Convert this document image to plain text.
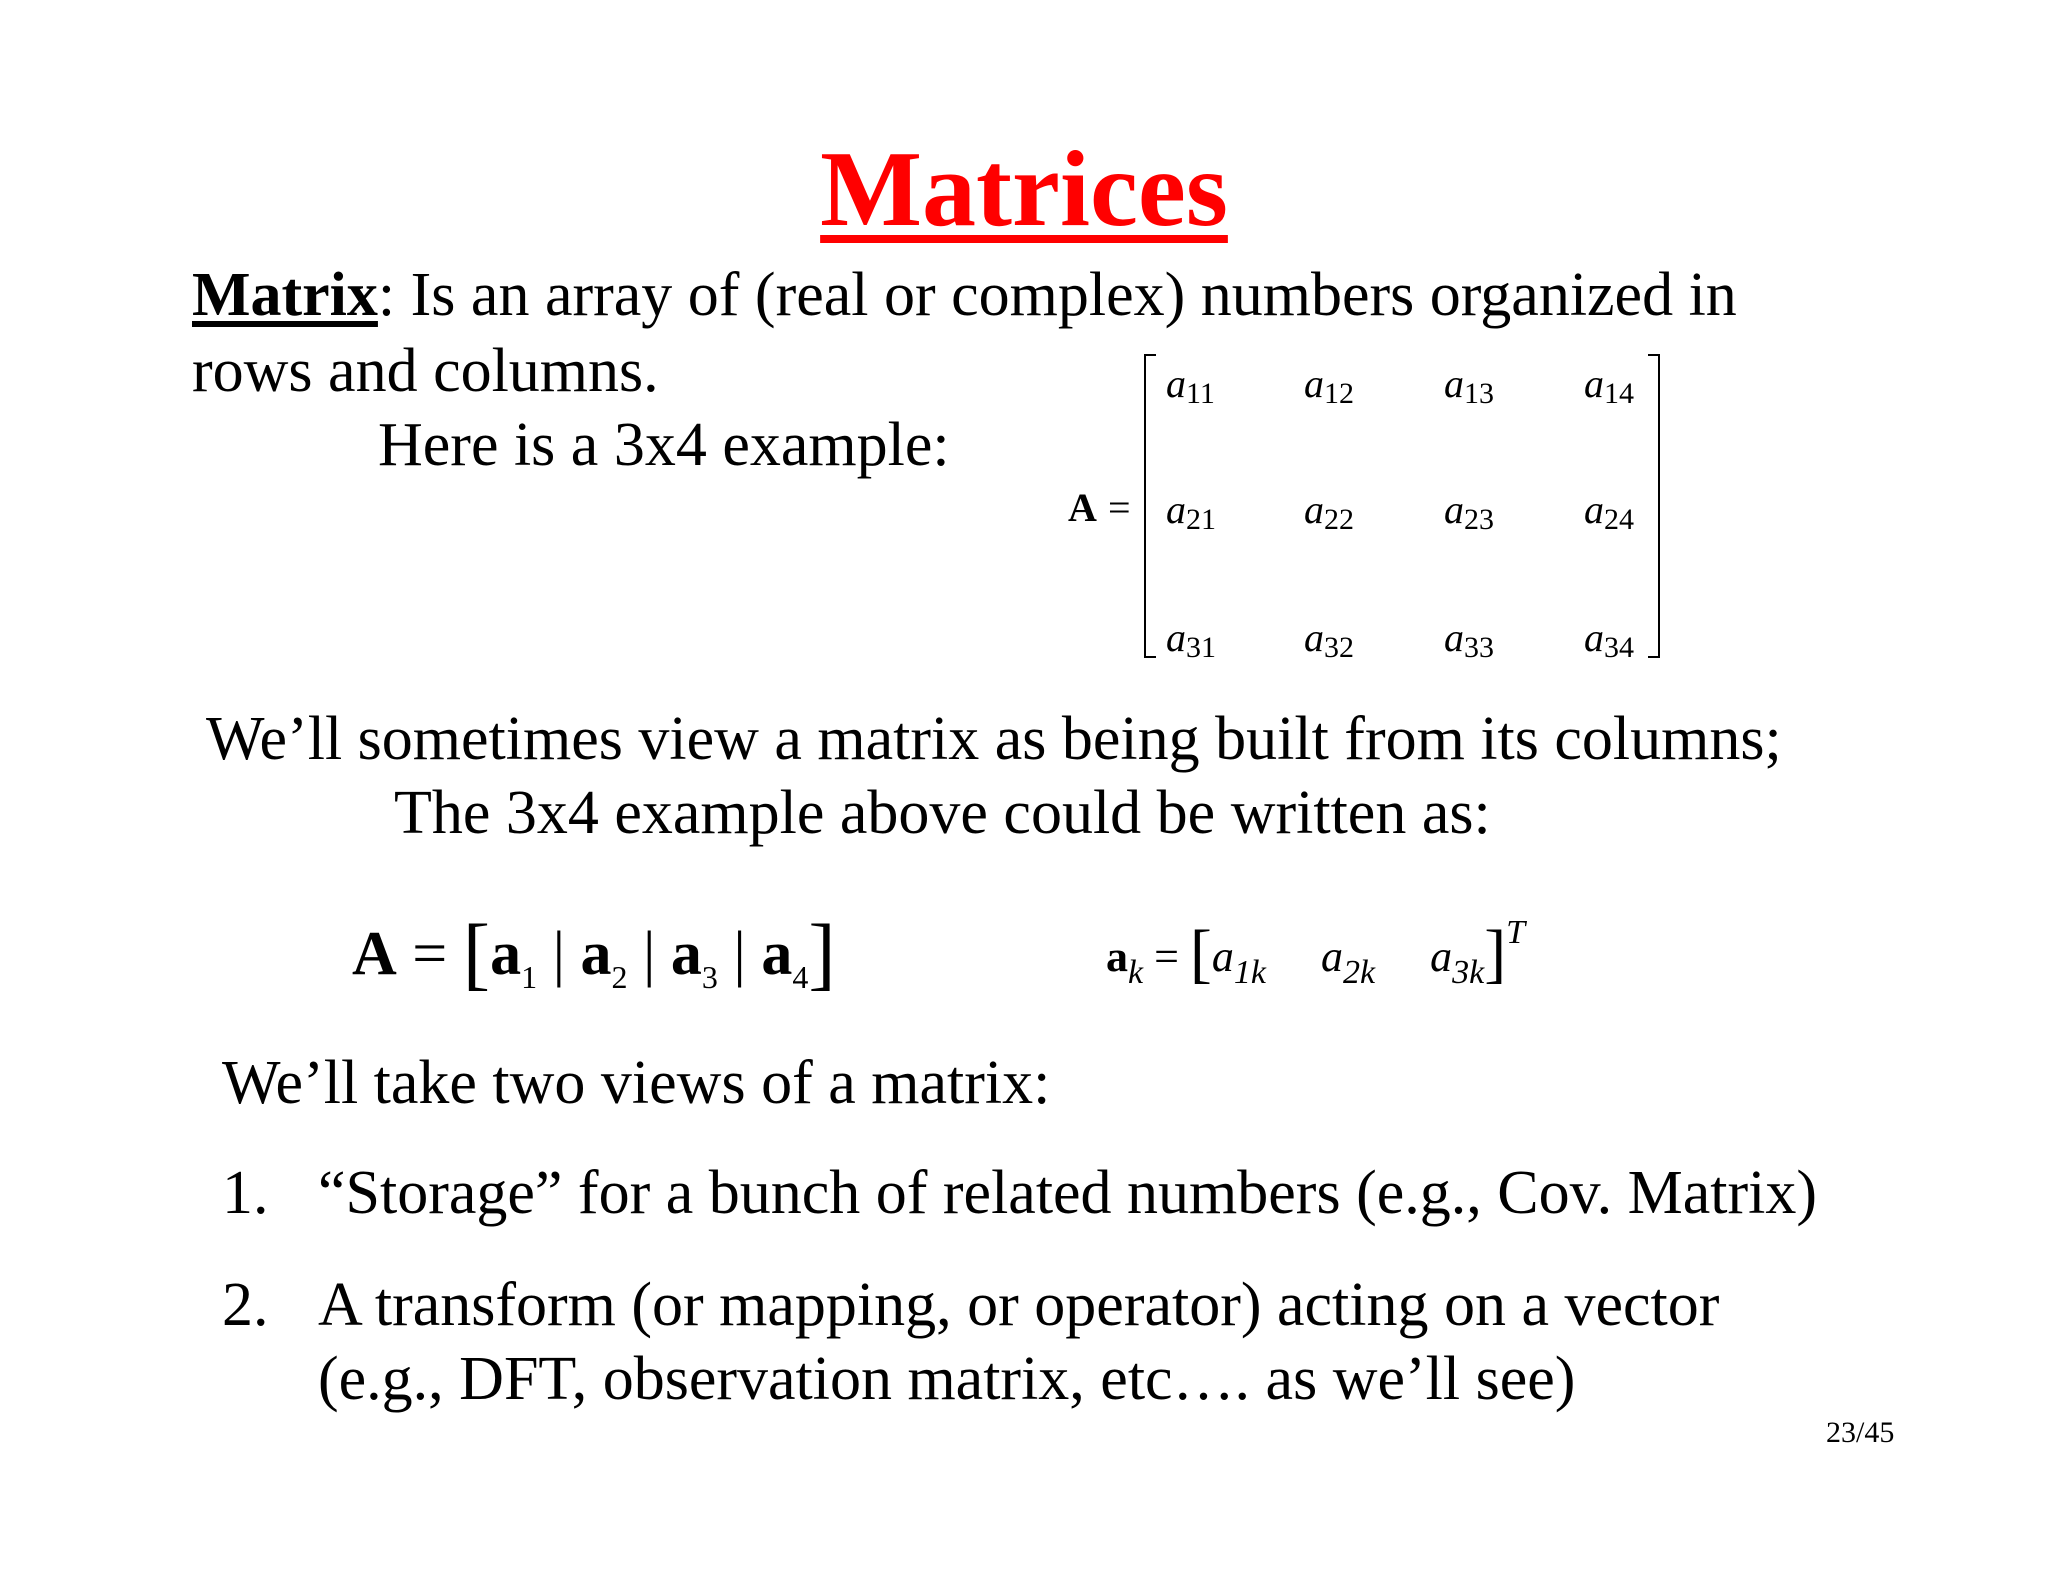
Matrices
Matrix: Is an array of (real or complex) numbers organized in
rows and columns.
Here is a 3x4 example:
A =
$a_{11}$ $a_{12}$ $a_{13}$ $a_{14}$
$a_{21}$ $a_{22}$ $a_{23}$ $a_{24}$
$a_{31}$ $a_{32}$ $a_{33}$ $a_{34}$
We’ll sometimes view a matrix as being built from its columns;
The 3x4 example above could be written as:
$A = [a_1$ | $a_2$ | $a_3$ | $a_4$]	$a_k = [a_{1k}$ $a_{2k}$ $a_{3k}]^T$
We’ll take two views of a matrix:
1. “Storage” for a bunch of related numbers (e.g., Cov. Matrix)
2. A transform (or mapping, or operator) acting on a vector
(e.g., DFT, observation matrix, etc…. as we’ll see)
23/45
